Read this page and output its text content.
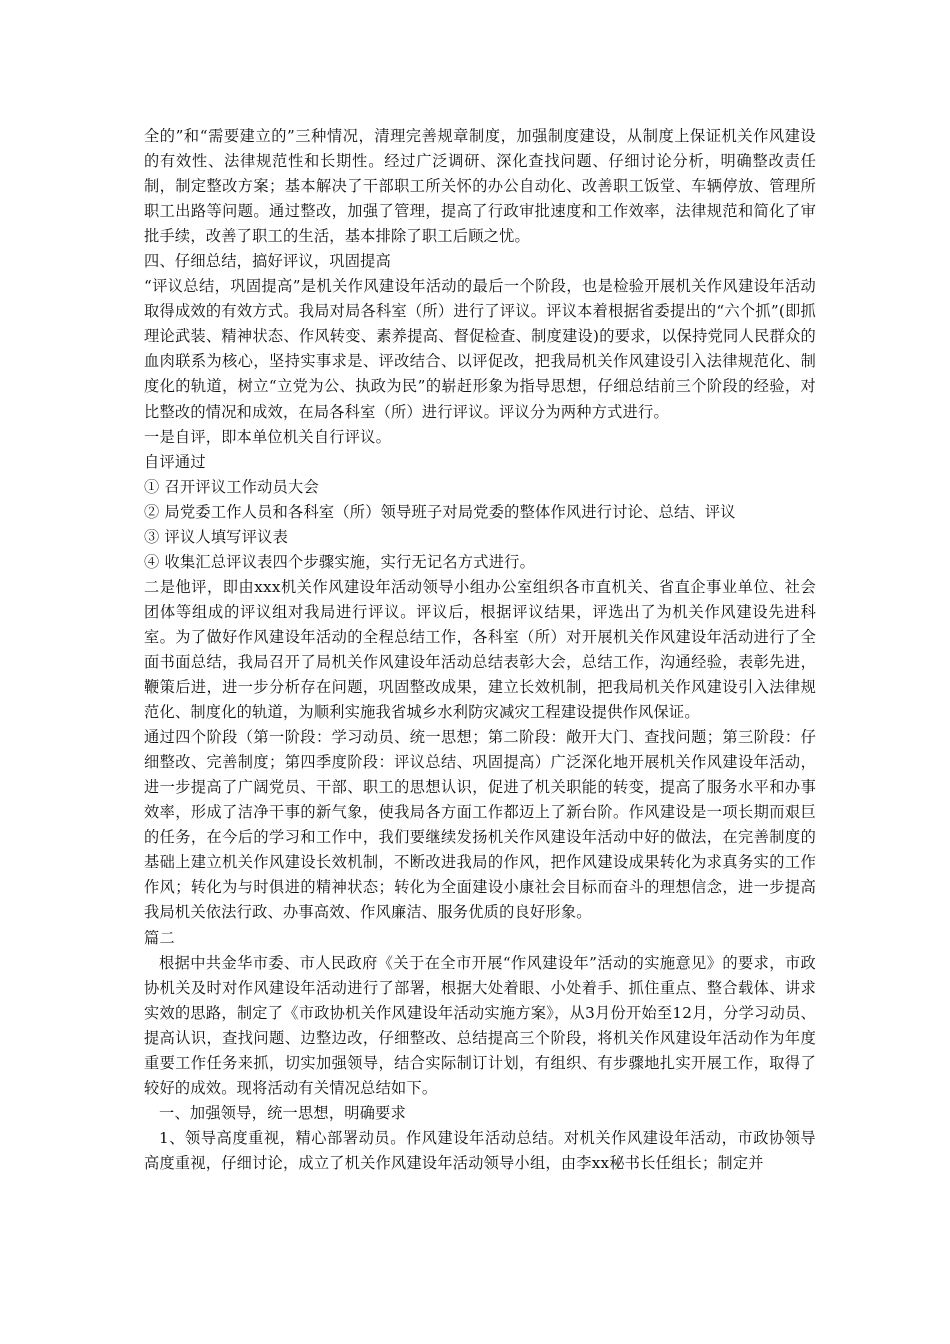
全的”和“需要建立的”三种情况，清理完善规章制度，加强制度建设，从制度上保证机关作风建设的有效性、法律规范性和长期性。经过广泛调研、深化查找问题、仔细讨论分析，明确整改责任制，制定整改方案；基本解决了干部职工所关怀的办公自动化、改善职工饭堂、车辆停放、管理所职工出路等问题。通过整改，加强了管理，提高了行政审批速度和工作效率，法律规范和简化了审批手续，改善了职工的生活，基本排除了职工后顾之忧。

四、仔细总结，搞好评议，巩固提高

“评议总结，巩固提高”是机关作风建设年活动的最后一个阶段，也是检验开展机关作风建设年活动取得成效的有效方式。我局对局各科室（所）进行了评议。评议本着根据省委提出的“六个抓”(即抓理论武装、精神状态、作风转变、素养提高、督促检查、制度建设)的要求，以保持党同人民群众的血肉联系为核心，坚持实事求是、评改结合、以评促改，把我局机关作风建设引入法律规范化、制度化的轨道，树立“立党为公、执政为民”的崭赶形象为指导思想，仔细总结前三个阶段的经验，对比整改的情况和成效，在局各科室（所）进行评议。评议分为两种方式进行。

一是自评，即本单位机关自行评议。

自评通过

① 召开评议工作动员大会

② 局党委工作人员和各科室（所）领导班子对局党委的整体作风进行讨论、总结、评议

③ 评议人填写评议表

④ 收集汇总评议表四个步骤实施，实行无记名方式进行。

二是他评，即由xxx机关作风建设年活动领导小组办公室组织各市直机关、省直企事业单位、社会团体等组成的评议组对我局进行评议。评议后，根据评议结果，评选出了为机关作风建设先进科室。为了做好作风建设年活动的全程总结工作，各科室（所）对开展机关作风建设年活动进行了全面书面总结，我局召开了局机关作风建设年活动总结表彰大会，总结工作，沟通经验，表彰先进，鞭策后进，进一步分析存在问题，巩固整改成果，建立长效机制，把我局机关作风建设引入法律规范化、制度化的轨道，为顺利实施我省城乡水利防灾减灾工程建设提供作风保证。

通过四个阶段（第一阶段：学习动员、统一思想；第二阶段：敞开大门、查找问题；第三阶段：仔细整改、完善制度；第四季度阶段：评议总结、巩固提高）广泛深化地开展机关作风建设年活动，进一步提高了广阔党员、干部、职工的思想认识，促进了机关职能的转变，提高了服务水平和办事效率，形成了洁净干事的新气象，使我局各方面工作都迈上了新台阶。作风建设是一项长期而艰巨的任务，在今后的学习和工作中，我们要继续发扬机关作风建设年活动中好的做法，在完善制度的基础上建立机关作风建设长效机制，不断改进我局的作风，把作风建设成果转化为求真务实的工作作风；转化为与时俱进的精神状态；转化为全面建设小康社会目标而奋斗的理想信念，进一步提高我局机关依法行政、办事高效、作风廉洁、服务优质的良好形象。

篇二

根据中共金华市委、市人民政府《关于在全市开展“作风建设年”活动的实施意见》的要求，市政协机关及时对作风建设年活动进行了部署，根据大处着眼、小处着手、抓住重点、整合载体、讲求实效的思路，制定了《市政协机关作风建设年活动实施方案》，从3月份开始至12月，分学习动员、提高认识，查找问题、边整边改，仔细整改、总结提高三个阶段，将机关作风建设年活动作为年度重要工作任务来抓，切实加强领导，结合实际制订计划，有组织、有步骤地扎实开展工作，取得了较好的成效。现将活动有关情况总结如下。

一、加强领导，统一思想，明确要求

1、领导高度重视，精心部署动员。作风建设年活动总结。对机关作风建设年活动，市政协领导高度重视，仔细讨论，成立了机关作风建设年活动领导小组，由李xx秘书长任组长；制定并
